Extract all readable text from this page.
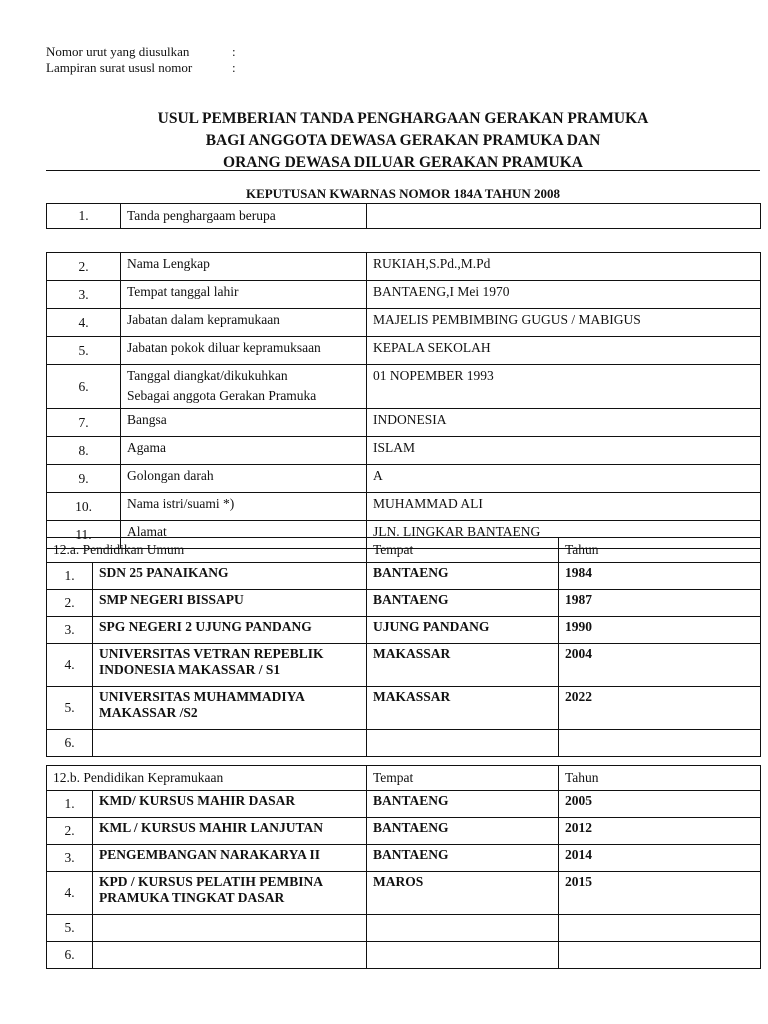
Nomor urut yang diusulkan	:
Lampiran surat ususl nomor	:
USUL PEMBERIAN TANDA PENGHARGAAN GERAKAN PRAMUKA
BAGI ANGGOTA DEWASA GERAKAN PRAMUKA DAN
ORANG DEWASA DILUAR GERAKAN PRAMUKA
KEPUTUSAN KWARNAS NOMOR 184A TAHUN 2008
1.	Tanda penghargaam berupa	
2.	Nama Lengkap	RUKIAH,S.Pd.,M.Pd
3.	Tempat tanggal lahir	BANTAENG,I Mei 1970
4.	Jabatan dalam kepramukaan	MAJELIS PEMBIMBING GUGUS / MABIGUS
5.	Jabatan pokok diluar kepramuksaan	KEPALA SEKOLAH
6.	Tanggal diangkat/dikukuhkan
Sebagai anggota Gerakan Pramuka	01 NOPEMBER 1993
7.	Bangsa	INDONESIA
8.	Agama	ISLAM
9.	Golongan darah	A
10.	Nama istri/suami *)	MUHAMMAD ALI
11.	Alamat	JLN. LINGKAR BANTAENG
12.a. Pendidikan Umum		Tempat	Tahun
1.	SDN 25 PANAIKANG	BANTAENG	1984
2.	SMP NEGERI BISSAPU	BANTAENG	1987
3.	SPG NEGERI 2 UJUNG PANDANG	UJUNG PANDANG	1990
4.	UNIVERSITAS VETRAN REPEBLIK
INDONESIA MAKASSAR / S1	MAKASSAR	2004
5.	UNIVERSITAS MUHAMMADIYA
MAKASSAR /S2	MAKASSAR	2022
6.			
12.b. Pendidikan Kepramukaan		Tempat	Tahun
1.	KMD/ KURSUS MAHIR DASAR	BANTAENG	2005
2.	KML / KURSUS MAHIR LANJUTAN	BANTAENG	2012
3.	PENGEMBANGAN NARAKARYA II	BANTAENG	2014
4.	KPD / KURSUS PELATIH PEMBINA
PRAMUKA TINGKAT DASAR	MAROS	2015
5.			
6.			
